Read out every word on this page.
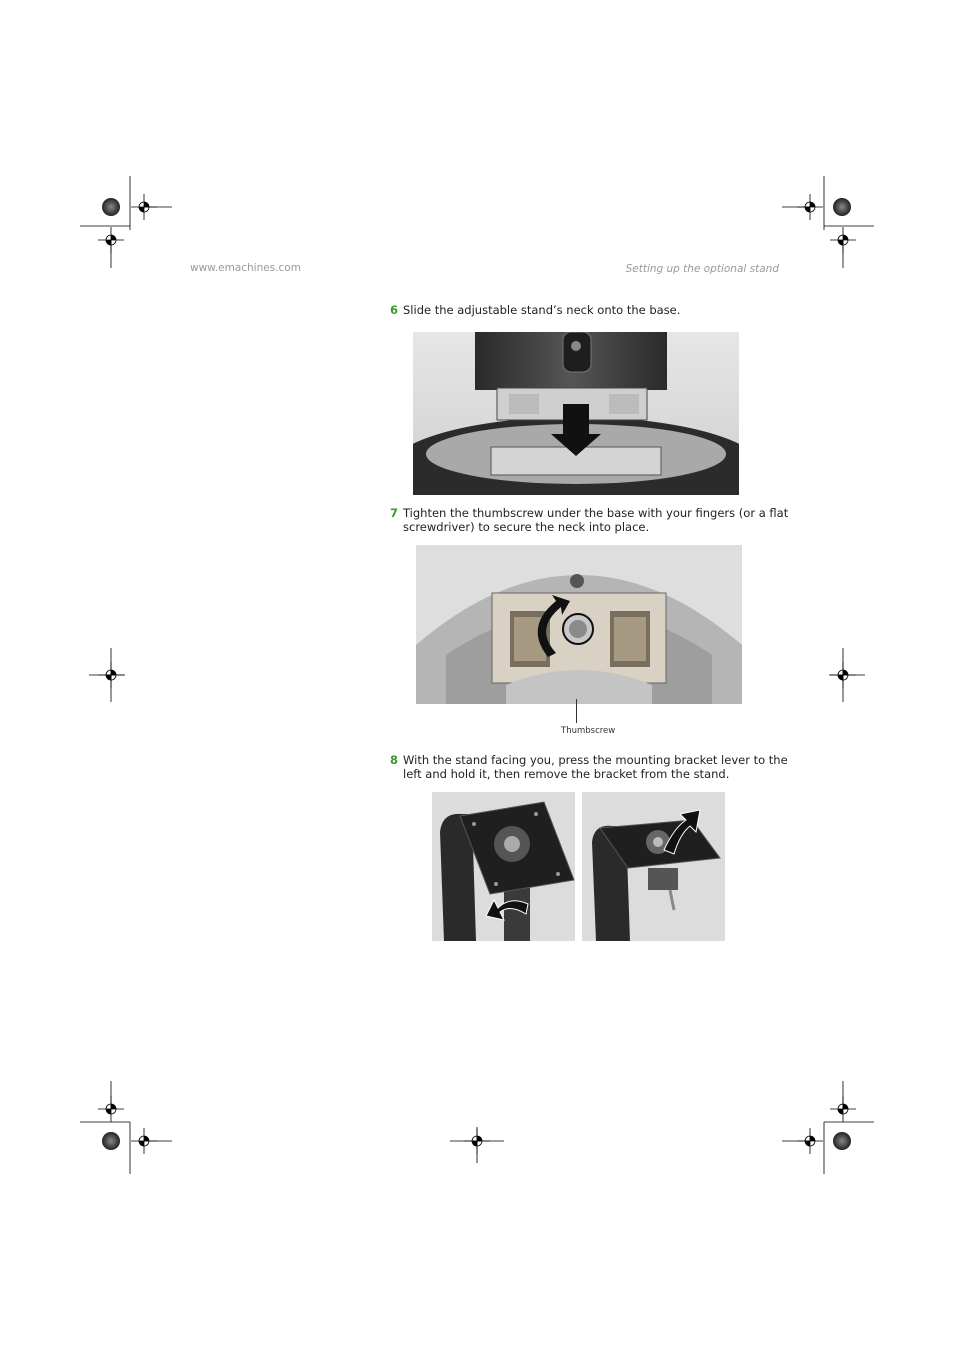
www.emachines.com	Setting up the optional stand
6 Slide the adjustable stand’s neck onto the base.
7 Tighten the thumbscrew under the base with your fingers (or a flat screwdriver) to secure the neck into place.
Thumbscrew
8 With the stand facing you, press the mounting bracket lever to the left and hold it, then remove the bracket from the stand.
